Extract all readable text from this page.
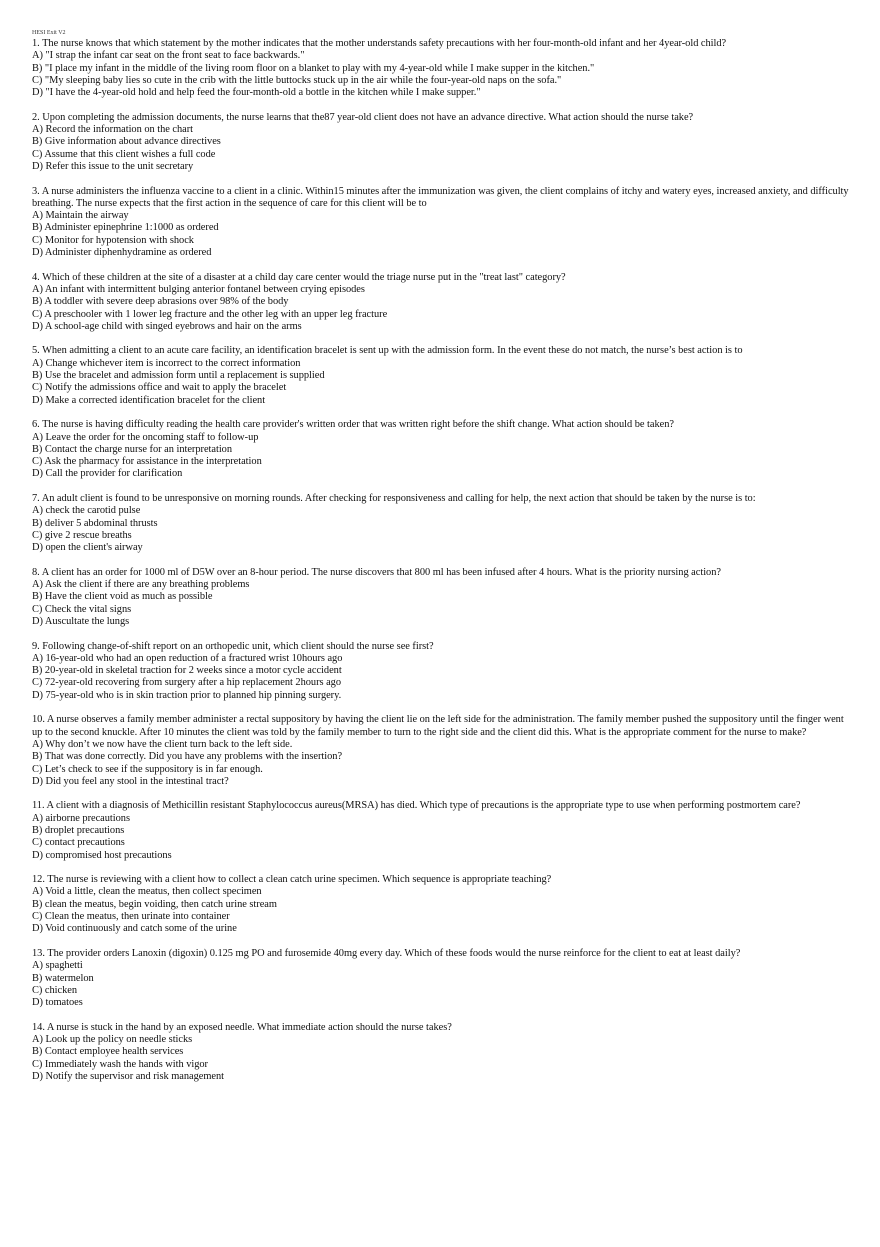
HESI Exit V2
1. The nurse knows that which statement by the mother indicates that the mother understands safety precautions with her four-month-old infant and her 4year-old child?
A) "I strap the infant car seat on the front seat to face backwards."
B) "I place my infant in the middle of the living room floor on a blanket to play with my 4-year-old while I make supper in the kitchen."
C) "My sleeping baby lies so cute in the crib with the little buttocks stuck up in the air while the four-year-old naps on the sofa."
D) "I have the 4-year-old hold and help feed the four-month-old a bottle in the kitchen while I make supper."
2. Upon completing the admission documents, the nurse learns that the87 year-old client does not have an advance directive. What action should the nurse take?
A) Record the information on the chart
B) Give information about advance directives
C) Assume that this client wishes a full code
D) Refer this issue to the unit secretary
3. A nurse administers the influenza vaccine to a client in a clinic. Within15 minutes after the immunization was given, the client complains of itchy and watery eyes, increased anxiety, and difficulty breathing. The nurse expects that the first action in the sequence of care for this client will be to
A) Maintain the airway
B) Administer epinephrine 1:1000 as ordered
C) Monitor for hypotension with shock
D) Administer diphenhydramine as ordered
4. Which of these children at the site of a disaster at a child day care center would the triage nurse put in the "treat last" category?
A) An infant with intermittent bulging anterior fontanel between crying episodes
B) A toddler with severe deep abrasions over 98% of the body
C) A preschooler with 1 lower leg fracture and the other leg with an upper leg fracture
D) A school-age child with singed eyebrows and hair on the arms
5. When admitting a client to an acute care facility, an identification bracelet is sent up with the admission form. In the event these do not match, the nurse’s best action is to
A) Change whichever item is incorrect to the correct information
B) Use the bracelet and admission form until a replacement is supplied
C) Notify the admissions office and wait to apply the bracelet
D) Make a corrected identification bracelet for the client
6. The nurse is having difficulty reading the health care provider's written order that was written right before the shift change. What action should be taken?
A) Leave the order for the oncoming staff to follow-up
B) Contact the charge nurse for an interpretation
C) Ask the pharmacy for assistance in the interpretation
D) Call the provider for clarification
7. An adult client is found to be unresponsive on morning rounds. After checking for responsiveness and calling for help, the next action that should be taken by the nurse is to:
A) check the carotid pulse
B) deliver 5 abdominal thrusts
C) give 2 rescue breaths
D) open the client's airway
8. A client has an order for 1000 ml of D5W over an 8-hour period. The nurse discovers that 800 ml has been infused after 4 hours. What is the priority nursing action?
A) Ask the client if there are any breathing problems
B) Have the client void as much as possible
C) Check the vital signs
D) Auscultate the lungs
9. Following change-of-shift report on an orthopedic unit, which client should the nurse see first?
A) 16-year-old who had an open reduction of a fractured wrist 10hours ago
B) 20-year-old in skeletal traction for 2 weeks since a motor cycle accident
C) 72-year-old recovering from surgery after a hip replacement 2hours ago
D) 75-year-old who is in skin traction prior to planned hip pinning surgery.
10. A nurse observes a family member administer a rectal suppository by having the client lie on the left side for the administration. The family member pushed the suppository until the finger went up to the second knuckle. After 10 minutes the client was told by the family member to turn to the right side and the client did this. What is the appropriate comment for the nurse to make?
A) Why don’t we now have the client turn back to the left side.
B) That was done correctly. Did you have any problems with the insertion?
C) Let’s check to see if the suppository is in far enough.
D) Did you feel any stool in the intestinal tract?
11. A client with a diagnosis of Methicillin resistant Staphylococcus aureus(MRSA) has died. Which type of precautions is the appropriate type to use when performing postmortem care?
A) airborne precautions
B) droplet precautions
C) contact precautions
D) compromised host precautions
12. The nurse is reviewing with a client how to collect a clean catch urine specimen. Which sequence is appropriate teaching?
A) Void a little, clean the meatus, then collect specimen
B) clean the meatus, begin voiding, then catch urine stream
C) Clean the meatus, then urinate into container
D) Void continuously and catch some of the urine
13. The provider orders Lanoxin (digoxin) 0.125 mg PO and furosemide 40mg every day. Which of these foods would the nurse reinforce for the client to eat at least daily?
A) spaghetti
B) watermelon
C) chicken
D) tomatoes
14. A nurse is stuck in the hand by an exposed needle. What immediate action should the nurse takes?
A) Look up the policy on needle sticks
B) Contact employee health services
C) Immediately wash the hands with vigor
D) Notify the supervisor and risk management
